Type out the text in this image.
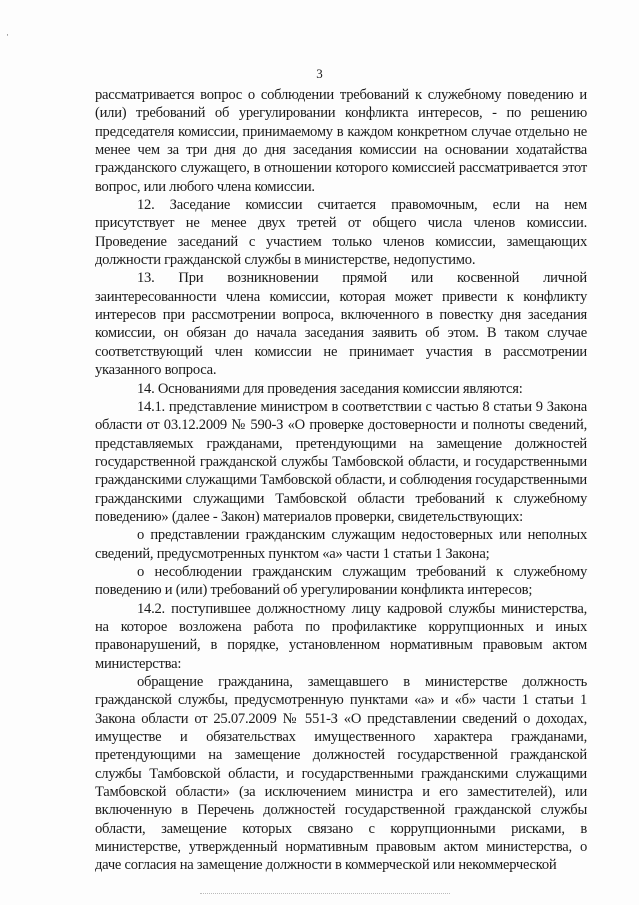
·
3

рассматривается вопрос о соблюдении требований к служебному поведению и (или) требований об урегулировании конфликта интересов, - по решению председателя комиссии, принимаемому в каждом конкретном случае отдельно не менее чем за три дня до дня заседания комиссии на основании ходатайства гражданского служащего, в отношении которого комиссией рассматривается этот вопрос, или любого члена комиссии.

12. Заседание комиссии считается правомочным, если на нем присутствует не менее двух третей от общего числа членов комиссии. Проведение заседаний с участием только членов комиссии, замещающих должности гражданской службы в министерстве, недопустимо.

13. При возникновении прямой или косвенной личной заинтересованности члена комиссии, которая может привести к конфликту интересов при рассмотрении вопроса, включенного в повестку дня заседания комиссии, он обязан до начала заседания заявить об этом. В таком случае соответствующий член комиссии не принимает участия в рассмотрении указанного вопроса.

14. Основаниями для проведения заседания комиссии являются:

14.1. представление министром в соответствии с частью 8 статьи 9 Закона области от 03.12.2009 № 590-З «О проверке достоверности и полноты сведений, представляемых гражданами, претендующими на замещение должностей государственной гражданской службы Тамбовской области, и государственными гражданскими служащими Тамбовской области, и соблюдения государственными гражданскими служащими Тамбовской области требований к служебному поведению» (далее - Закон) материалов проверки, свидетельствующих:

о представлении гражданским служащим недостоверных или неполных сведений, предусмотренных пунктом «а» части 1 статьи 1 Закона;

о несоблюдении гражданским служащим требований к служебному поведению и (или) требований об урегулировании конфликта интересов;

14.2. поступившее должностному лицу кадровой службы министерства, на которое возложена работа по профилактике коррупционных и иных правонарушений, в порядке, установленном нормативным правовым актом министерства:

обращение гражданина, замещавшего в министерстве должность гражданской службы, предусмотренную пунктами «а» и «б» части 1 статьи 1 Закона области от 25.07.2009 № 551-З «О представлении сведений о доходах, имуществе и обязательствах имущественного характера гражданами, претендующими на замещение должностей государственной гражданской службы Тамбовской области, и государственными гражданскими служащими Тамбовской области» (за исключением министра и его заместителей), или включенную в Перечень должностей государственной гражданской службы области, замещение которых связано с коррупционными рисками, в министерстве, утвержденный нормативным правовым актом министерства, о даче согласия на замещение должности в коммерческой или некоммерческой
